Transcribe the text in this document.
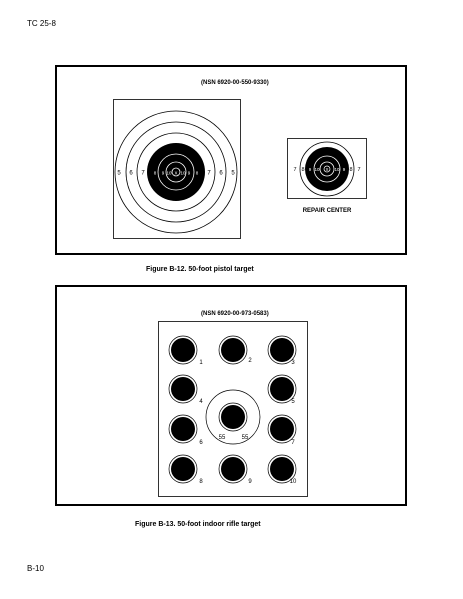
TC 25-8
(NSN 6920-00-550-9330)
5 6 7 8 9 10 X 10 9 8 7 6 5
7 8 9 10 X 10 9 8 7
REPAIR CENTER
Figure B-12. 50-foot pistol target
(NSN 6920-00-973-0583)
1	2	3
4	5
6	7
8	9	10
55	55
Figure B-13. 50-foot indoor rifle target
B-10
